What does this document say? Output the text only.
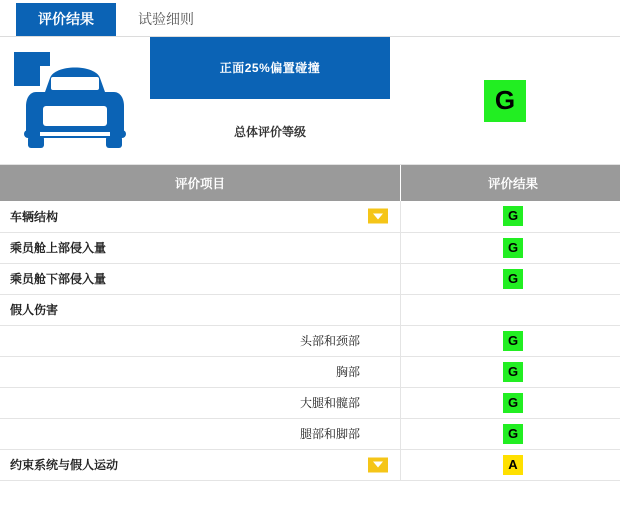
评价结果	试验细则
正面25%偏置碰撞
总体评价等级
G
评价项目	评价结果
车辆结构	G
乘员舱上部侵入量	G
乘员舱下部侵入量	G
假人伤害	
头部和颈部	G
胸部	G
大腿和髋部	G
腿部和脚部	G
约束系统与假人运动	A
